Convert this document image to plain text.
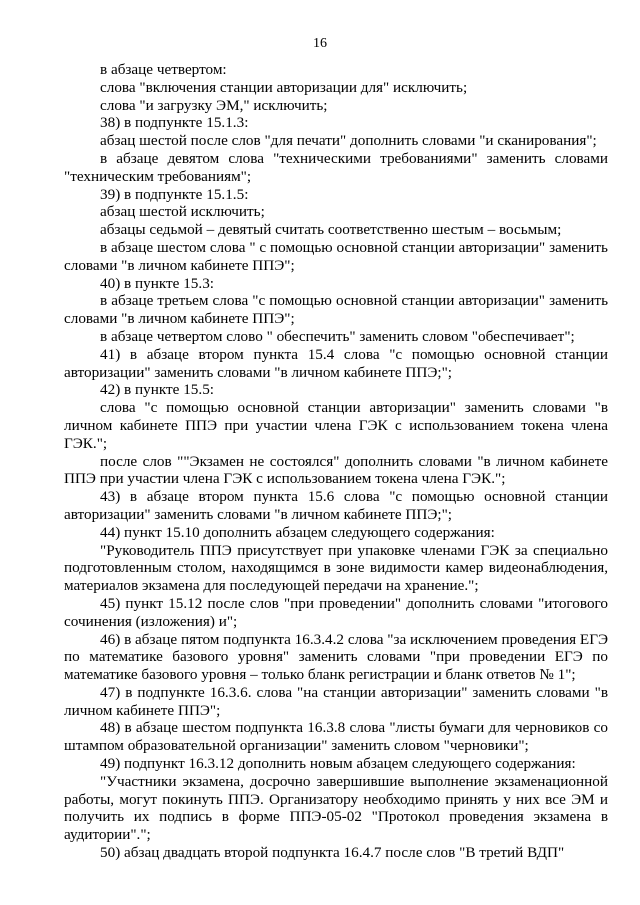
16

в абзаце четвертом:

слова "включения станции авторизации для" исключить;

слова "и загрузку ЭМ," исключить;

38) в подпункте 15.1.3:

абзац шестой после слов "для печати" дополнить словами "и сканирования";

в абзаце девятом слова "техническими требованиями" заменить словами "техническим требованиям";

39) в подпункте 15.1.5:

абзац шестой исключить;

абзацы седьмой – девятый считать соответственно шестым – восьмым;

в абзаце шестом слова " с помощью основной станции авторизации" заменить словами "в личном кабинете ППЭ";

40) в пункте 15.3:

в абзаце третьем слова "с помощью основной станции авторизации" заменить словами "в личном кабинете ППЭ";

в абзаце четвертом слово " обеспечить" заменить словом "обеспечивает";

41) в абзаце втором пункта 15.4 слова "с помощью основной станции авторизации" заменить словами "в личном кабинете ППЭ;";

42) в пункте 15.5:

слова "с помощью основной станции авторизации" заменить словами "в личном кабинете ППЭ при участии члена ГЭК с использованием токена члена ГЭК.";

после слов ""Экзамен не состоялся" дополнить словами "в личном кабинете ППЭ при участии члена ГЭК с использованием токена члена ГЭК.";

43) в абзаце втором пункта 15.6 слова "с помощью основной станции авторизации" заменить словами "в личном кабинете ППЭ;";

44) пункт 15.10 дополнить абзацем следующего содержания:

"Руководитель ППЭ присутствует при упаковке членами ГЭК за специально подготовленным столом, находящимся в зоне видимости камер видеонаблюдения, материалов экзамена для последующей передачи на хранение.";

45) пункт 15.12 после слов "при проведении" дополнить словами "итогового сочинения (изложения) и";

46) в абзаце пятом подпункта 16.3.4.2 слова "за исключением проведения ЕГЭ по математике базового уровня" заменить словами "при проведении ЕГЭ по математике базового уровня – только бланк регистрации и бланк ответов № 1";

47) в подпункте 16.3.6. слова "на станции авторизации" заменить словами "в личном кабинете ППЭ";

48) в абзаце шестом подпункта 16.3.8 слова "листы бумаги для черновиков со штампом образовательной организации" заменить словом "черновики";

49) подпункт 16.3.12 дополнить новым абзацем следующего содержания:

"Участники экзамена, досрочно завершившие выполнение экзаменационной работы, могут покинуть ППЭ. Организатору необходимо принять у них все ЭМ и получить их подпись в форме ППЭ-05-02 "Протокол проведения экзамена в аудитории".";

50) абзац двадцать второй подпункта 16.4.7 после слов "В третий ВДП"
